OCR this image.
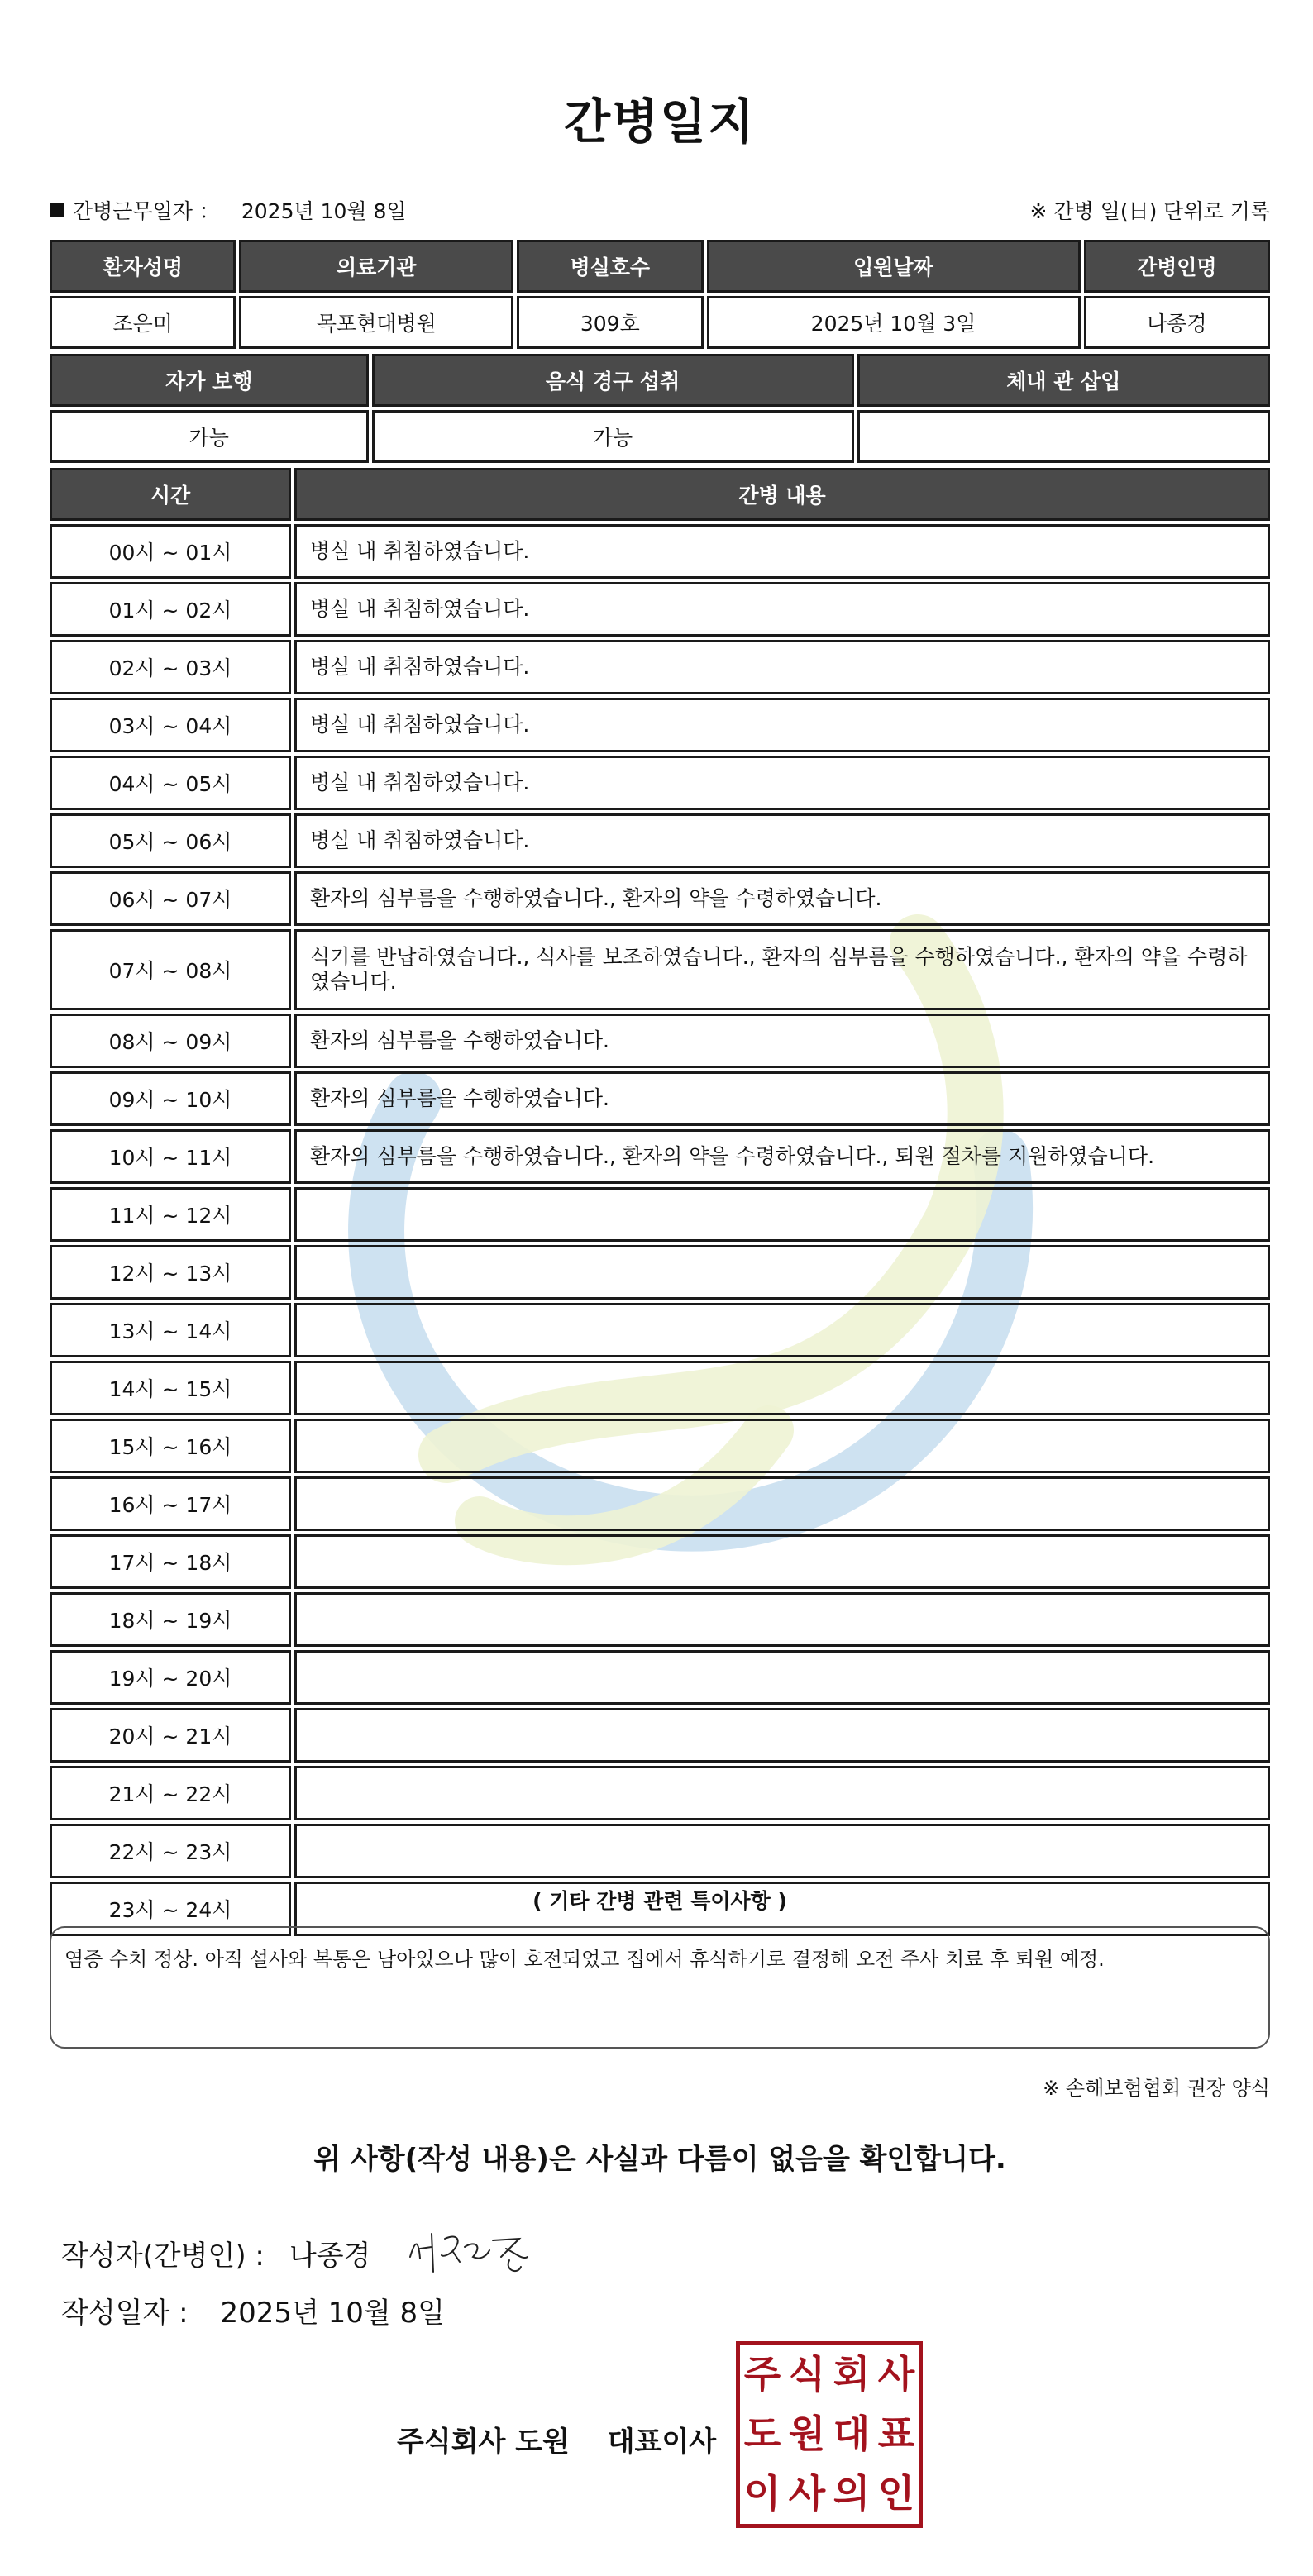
간병일지
간병근무일자 ： 2025년 10월 8일	※ 간병 일(日) 단위로 기록
환자성명	의료기관	병실호수	입원날짜	간병인명
조은미	목포현대병원	309호	2025년 10월 3일	나종경
자가 보행	음식 경구 섭취	체내 관 삽입
가능	가능	
시간	간병 내용
00시 ~ 01시	병실 내 취침하였습니다.
01시 ~ 02시	병실 내 취침하였습니다.
02시 ~ 03시	병실 내 취침하였습니다.
03시 ~ 04시	병실 내 취침하였습니다.
04시 ~ 05시	병실 내 취침하였습니다.
05시 ~ 06시	병실 내 취침하였습니다.
06시 ~ 07시	환자의 심부름을 수행하였습니다., 환자의 약을 수령하였습니다.
07시 ~ 08시	식기를 반납하였습니다., 식사를 보조하였습니다., 환자의 심부름을 수행하였습니다., 환자의 약을 수령하였습니다.
08시 ~ 09시	환자의 심부름을 수행하였습니다.
09시 ~ 10시	환자의 심부름을 수행하였습니다.
10시 ~ 11시	환자의 심부름을 수행하였습니다., 환자의 약을 수령하였습니다., 퇴원 절차를 지원하였습니다.
11시 ~ 12시	
12시 ~ 13시	
13시 ~ 14시	
14시 ~ 15시	
15시 ~ 16시	
16시 ~ 17시	
17시 ~ 18시	
18시 ~ 19시	
19시 ~ 20시	
20시 ~ 21시	
21시 ~ 22시	
22시 ~ 23시	
23시 ~ 24시		( 기타 간병 관련 특이사항 )
염증 수치 정상. 아직 설사와 복통은 남아있으나 많이 호전되었고 집에서 휴식하기로 결정해 오전 주사 치료 후 퇴원 예정.
※ 손해보험협회 권장 양식
위 사항(작성 내용)은 사실과 다름이 없음을 확인합니다.
작성자(간병인) : 나종경
작성일자 : 2025년 10월 8일
주식회사 도원 대표이사
주 식 회 사
도 원 대 표
이 사 의 인
